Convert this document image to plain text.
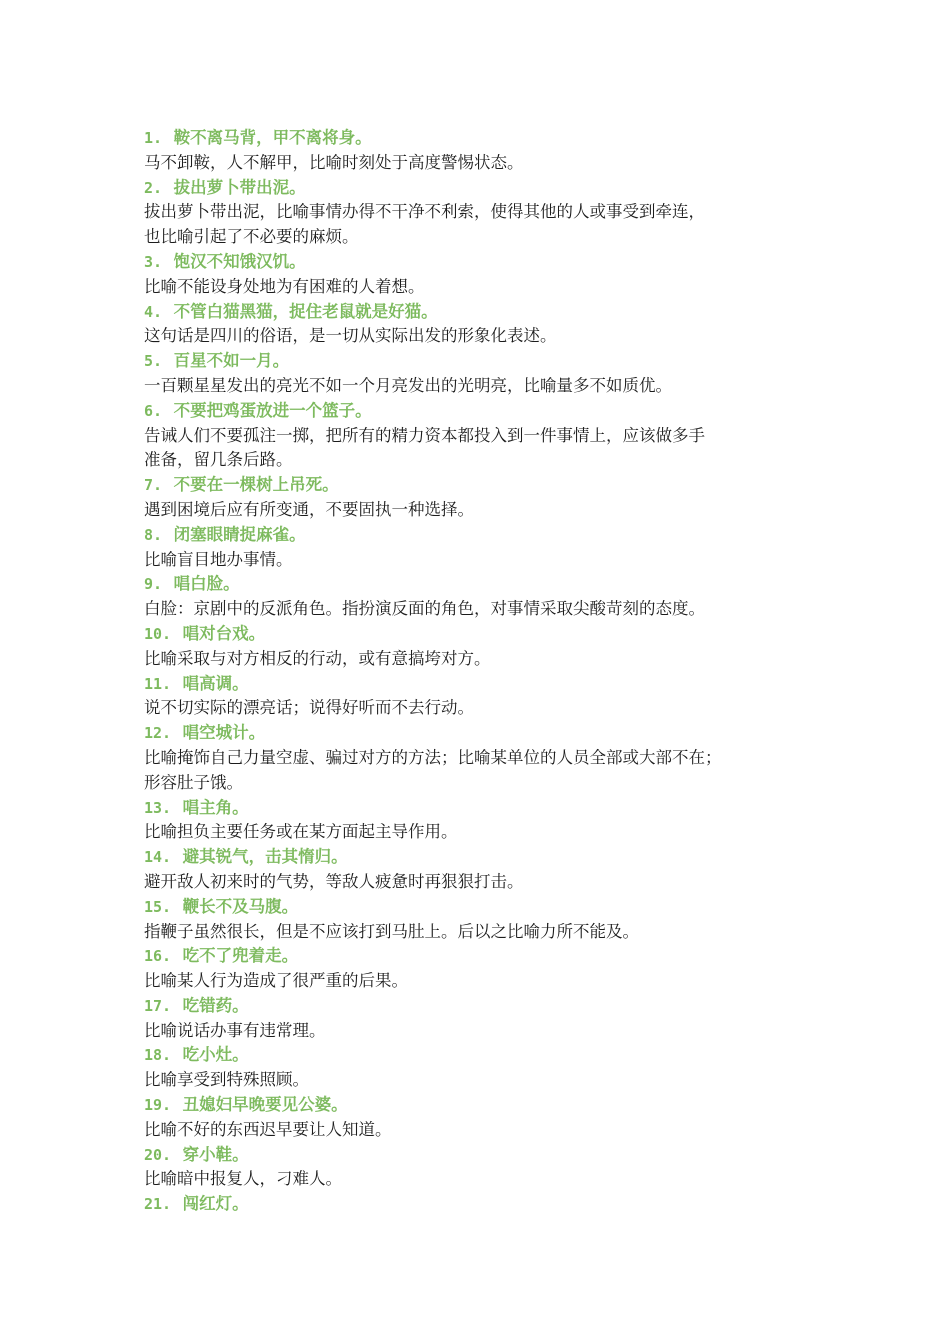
1. 鞍不离马背，甲不离将身。
马不卸鞍，人不解甲，比喻时刻处于高度警惕状态。
2. 拔出萝卜带出泥。
拔出萝卜带出泥，比喻事情办得不干净不利索，使得其他的人或事受到牵连，
也比喻引起了不必要的麻烦。
3. 饱汉不知饿汉饥。
比喻不能设身处地为有困难的人着想。
4. 不管白猫黑猫，捉住老鼠就是好猫。
这句话是四川的俗语，是一切从实际出发的形象化表述。
5. 百星不如一月。
一百颗星星发出的亮光不如一个月亮发出的光明亮，比喻量多不如质优。
6. 不要把鸡蛋放进一个篮子。
告诫人们不要孤注一掷，把所有的精力资本都投入到一件事情上，应该做多手
准备，留几条后路。
7. 不要在一棵树上吊死。
遇到困境后应有所变通，不要固执一种选择。
8. 闭塞眼睛捉麻雀。
比喻盲目地办事情。
9. 唱白脸。
白脸：京剧中的反派角色。指扮演反面的角色，对事情采取尖酸苛刻的态度。
10. 唱对台戏。
比喻采取与对方相反的行动，或有意搞垮对方。
11. 唱高调。
说不切实际的漂亮话；说得好听而不去行动。
12. 唱空城计。
比喻掩饰自己力量空虚、骗过对方的方法；比喻某单位的人员全部或大部不在；
形容肚子饿。
13. 唱主角。
比喻担负主要任务或在某方面起主导作用。
14. 避其锐气，击其惰归。
避开敌人初来时的气势，等敌人疲惫时再狠狠打击。
15. 鞭长不及马腹。
指鞭子虽然很长，但是不应该打到马肚上。后以之比喻力所不能及。
16. 吃不了兜着走。
比喻某人行为造成了很严重的后果。
17. 吃错药。
比喻说话办事有违常理。
18. 吃小灶。
比喻享受到特殊照顾。
19. 丑媳妇早晚要见公婆。
比喻不好的东西迟早要让人知道。
20. 穿小鞋。
比喻暗中报复人，刁难人。
21. 闯红灯。
